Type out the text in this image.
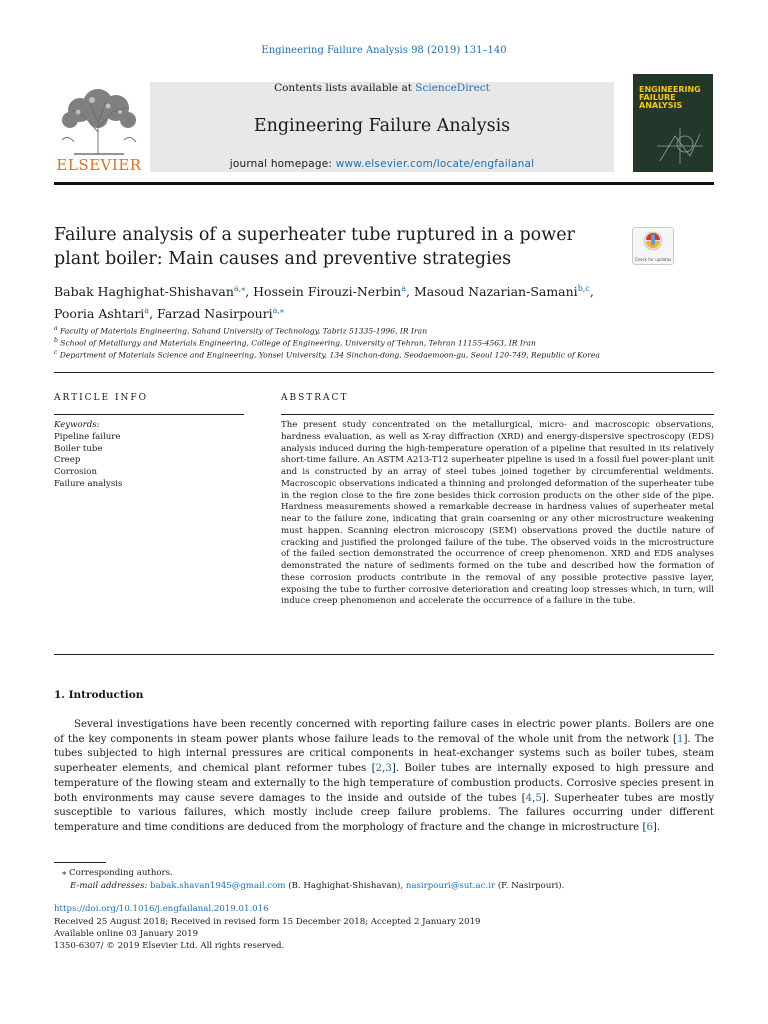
Engineering Failure Analysis 98 (2019) 131–140
ELSEVIER
Contents lists available at ScienceDirect
Engineering Failure Analysis
journal homepage: www.elsevier.com/locate/engfailanal
ENGINEERING FAILURE ANALYSIS
Failure analysis of a superheater tube ruptured in a power plant boiler: Main causes and preventive strategies	Check for updates
Babak Haghighat-Shishavan$^{a,⁎}$, Hossein Firouzi-Nerbin$^a$, Masoud Nazarian-Samani$^{b,c}$,
Pooria Ashtari$^a$, Farzad Nasirpouri$^{a,⁎}$
$^a$ Faculty of Materials Engineering, Sahand University of Technology, Tabriz 51335-1996, IR Iran
$^b$ School of Metallurgy and Materials Engineering, College of Engineering, University of Tehran, Tehran 11155-4563, IR Iran
$^c$ Department of Materials Science and Engineering, Yonsei University, 134 Sinchon-dong, Seodaemoon-gu, Seoul 120-749, Republic of Korea
ARTICLE INFO	ABSTRACT
Keywords:
Pipeline failure
Boiler tube
Creep
Corrosion
Failure analysis
The present study concentrated on the metallurgical, micro- and macroscopic observations, hardness evaluation, as well as X-ray diffraction (XRD) and energy-dispersive spectroscopy (EDS) analysis induced during the high-temperature operation of a pipeline that resulted in its relatively short-time failure. An ASTM A213-T12 superheater pipeline is used in a fossil fuel power-plant unit and is constructed by an array of steel tubes joined together by circumferential weldments. Macroscopic observations indicated a thinning and prolonged deformation of the superheater tube in the region close to the fire zone besides thick corrosion products on the other side of the pipe. Hardness measurements showed a remarkable decrease in hardness values of superheater metal near to the failure zone, indicating that grain coarsening or any other microstructure weakening must happen. Scanning electron microscopy (SEM) observations proved the ductile nature of cracking and justified the prolonged failure of the tube. The observed voids in the microstructure of the failed section demonstrated the occurrence of creep phenomenon. XRD and EDS analyses demonstrated the nature of sediments formed on the tube and described how the formation of these corrosion products contribute in the removal of any possible protective passive layer, exposing the tube to further corrosive deterioration and creating loop stresses which, in turn, will induce creep phenomenon and accelerate the occurrence of a failure in the tube.
1. Introduction
Several investigations have been recently concerned with reporting failure cases in electric power plants. Boilers are one of the key components in steam power plants whose failure leads to the removal of the whole unit from the network [1]. The tubes subjected to high internal pressures are critical components in heat-exchanger systems such as boiler tubes, steam superheater elements, and chemical plant reformer tubes [2,3]. Boiler tubes are internally exposed to high pressure and temperature of the flowing steam and externally to the high temperature of combustion products. Corrosive species present in both environments may cause severe damages to the inside and outside of the tubes [4,5]. Superheater tubes are mostly susceptible to various failures, which mostly include creep failure problems. The failures occurring under different temperature and time conditions are deduced from the morphology of fracture and the change in microstructure [6].
⁎ Corresponding authors.
E-mail addresses: babak.shavan1945@gmail.com (B. Haghighat-Shishavan), nasirpouri@sut.ac.ir (F. Nasirpouri).
https://doi.org/10.1016/j.engfailanal.2019.01.016
Received 25 August 2018; Received in revised form 15 December 2018; Accepted 2 January 2019
Available online 03 January 2019
1350-6307/ © 2019 Elsevier Ltd. All rights reserved.
